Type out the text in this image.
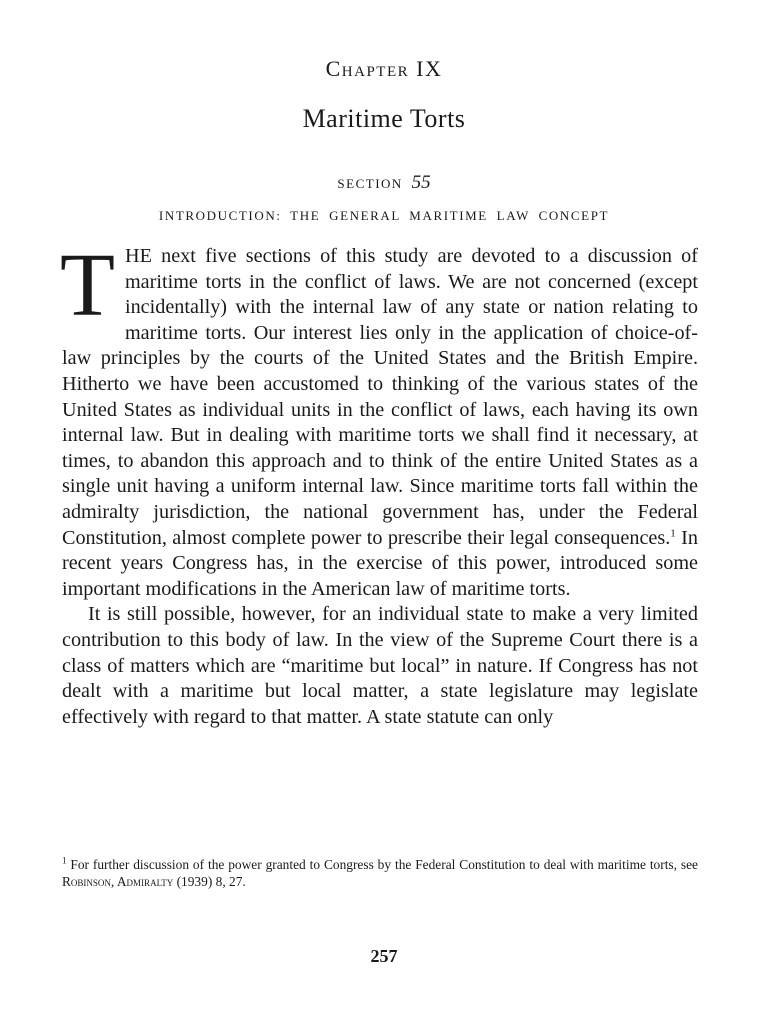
Chapter IX
Maritime Torts
SECTION 55
INTRODUCTION: THE GENERAL MARITIME LAW CONCEPT

THE next five sections of this study are devoted to a discussion of maritime torts in the conflict of laws. We are not concerned (except incidentally) with the internal law of any state or nation relating to maritime torts. Our interest lies only in the application of choice-of-law principles by the courts of the United States and the British Empire. Hitherto we have been accustomed to thinking of the various states of the United States as individual units in the conflict of laws, each having its own internal law. But in dealing with maritime torts we shall find it necessary, at times, to abandon this approach and to think of the entire United States as a single unit having a uniform internal law. Since maritime torts fall within the admiralty jurisdiction, the national government has, under the Federal Constitution, almost complete power to prescribe their legal consequences.$^1$ In recent years Congress has, in the exercise of this power, introduced some important modifications in the American law of maritime torts.

It is still possible, however, for an individual state to make a very limited contribution to this body of law. In the view of the Supreme Court there is a class of matters which are “maritime but local” in nature. If Congress has not dealt with a maritime but local matter, a state legislature may legislate effectively with regard to that matter. A state statute can only

$^1$ For further discussion of the power granted to Congress by the Federal Constitution to deal with maritime torts, see Robinson, Admiralty (1939) 8, 27.
257
